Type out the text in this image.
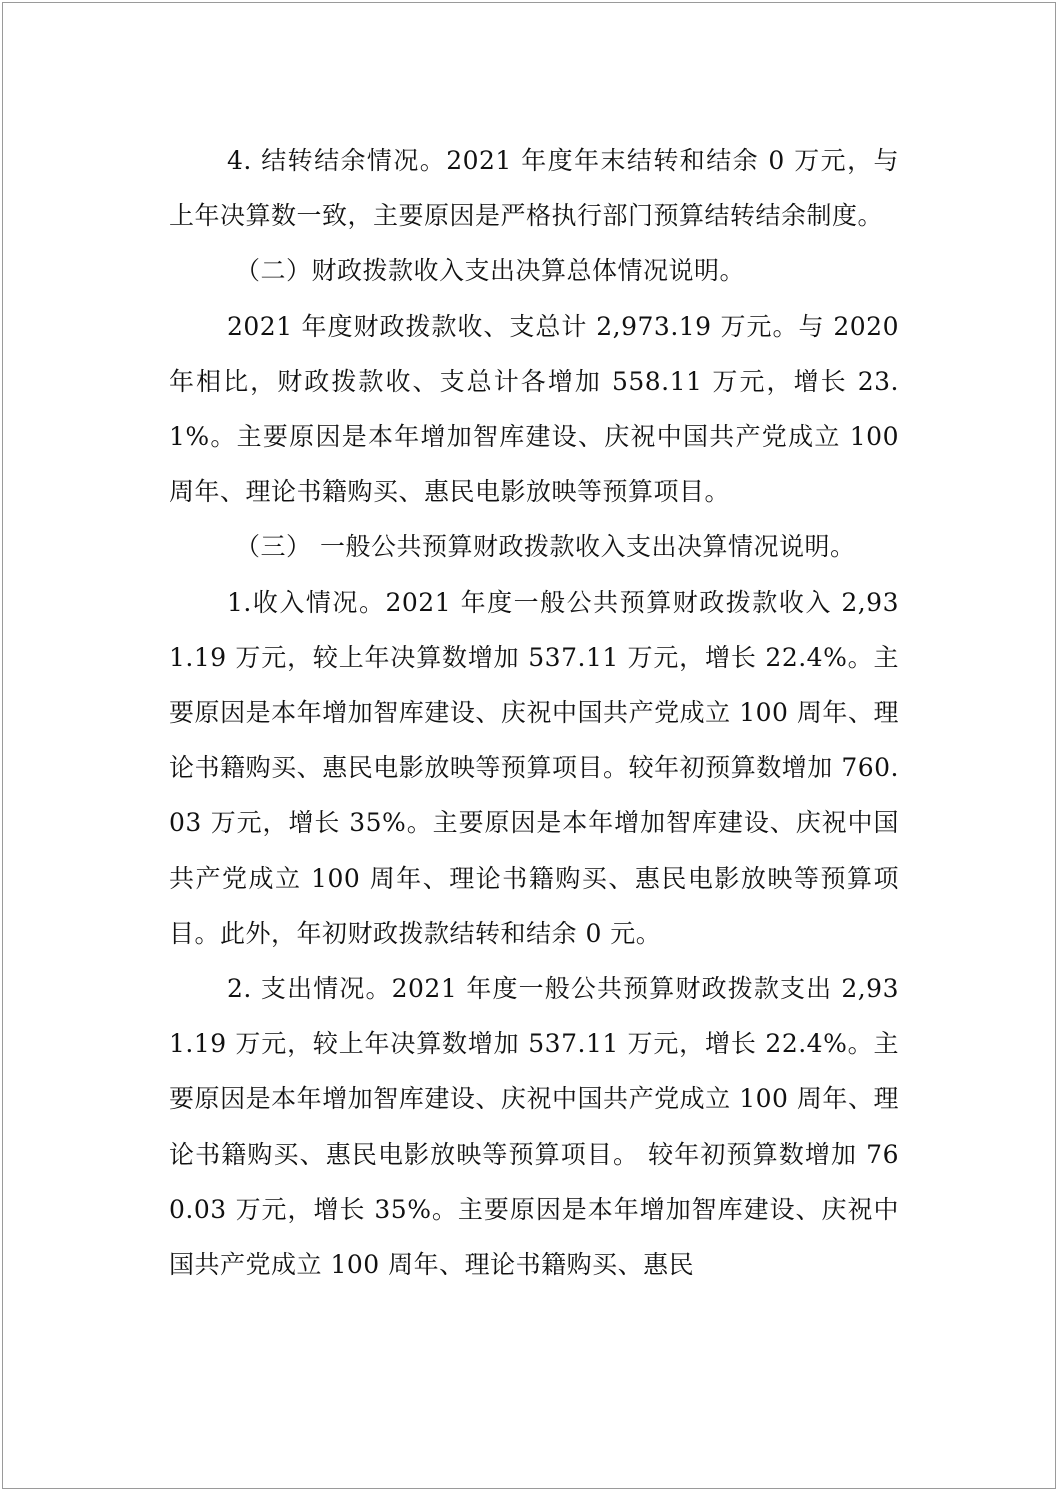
4. 结转结余情况。2021 年度年末结转和结余 0 万元，与上年决算数一致，主要原因是严格执行部门预算结转结余制度。

（二）财政拨款收入支出决算总体情况说明。

2021 年度财政拨款收、支总计 2,973.19 万元。与 2020 年相比，财政拨款收、支总计各增加 558.11 万元，增长 23.1%。主要原因是本年增加智库建设、庆祝中国共产党成立 100 周年、理论书籍购买、惠民电影放映等预算项目。

（三） 一般公共预算财政拨款收入支出决算情况说明。

1.收入情况。2021 年度一般公共预算财政拨款收入 2,931.19 万元，较上年决算数增加 537.11 万元，增长 22.4%。主要原因是本年增加智库建设、庆祝中国共产党成立 100 周年、理论书籍购买、惠民电影放映等预算项目。较年初预算数增加 760.03 万元，增长 35%。主要原因是本年增加智库建设、庆祝中国共产党成立 100 周年、理论书籍购买、惠民电影放映等预算项目。此外，年初财政拨款结转和结余 0 元。

2. 支出情况。2021 年度一般公共预算财政拨款支出 2,931.19 万元，较上年决算数增加 537.11 万元，增长 22.4%。主要原因是本年增加智库建设、庆祝中国共产党成立 100 周年、理论书籍购买、惠民电影放映等预算项目。 较年初预算数增加 760.03 万元，增长 35%。主要原因是本年增加智库建设、庆祝中国共产党成立 100 周年、理论书籍购买、惠民
